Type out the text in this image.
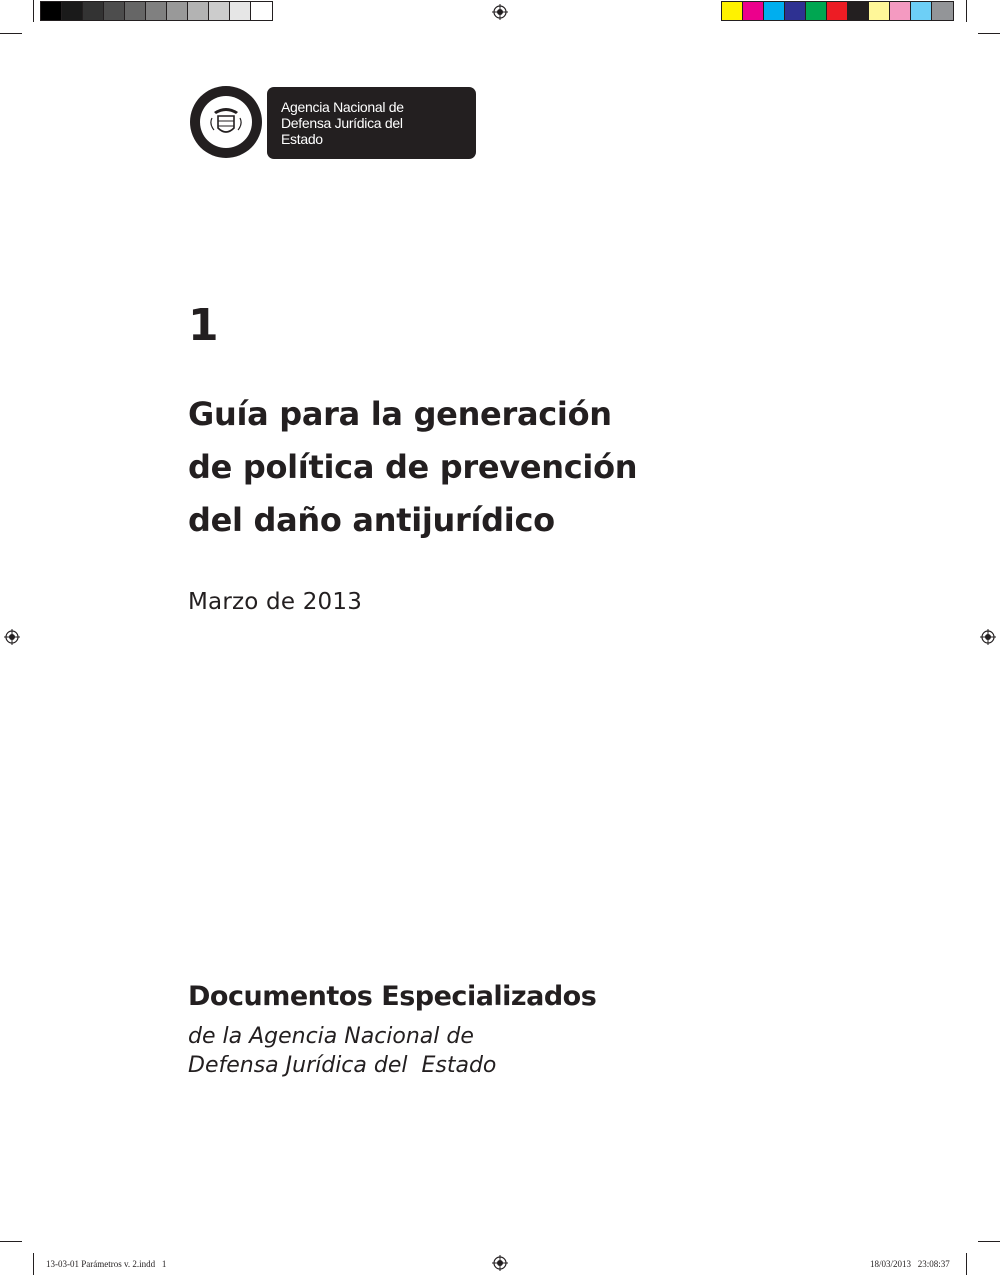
Agencia Nacional de
Defensa Jurídica del
Estado
1
Guía para la generación
de política de prevención
del daño antijurídico
Marzo de 2013
Documentos Especializados
de la Agencia Nacional de
Defensa Jurídica del  Estado
13-03-01 Parámetros v. 2.indd   1	18/03/2013   23:08:37
